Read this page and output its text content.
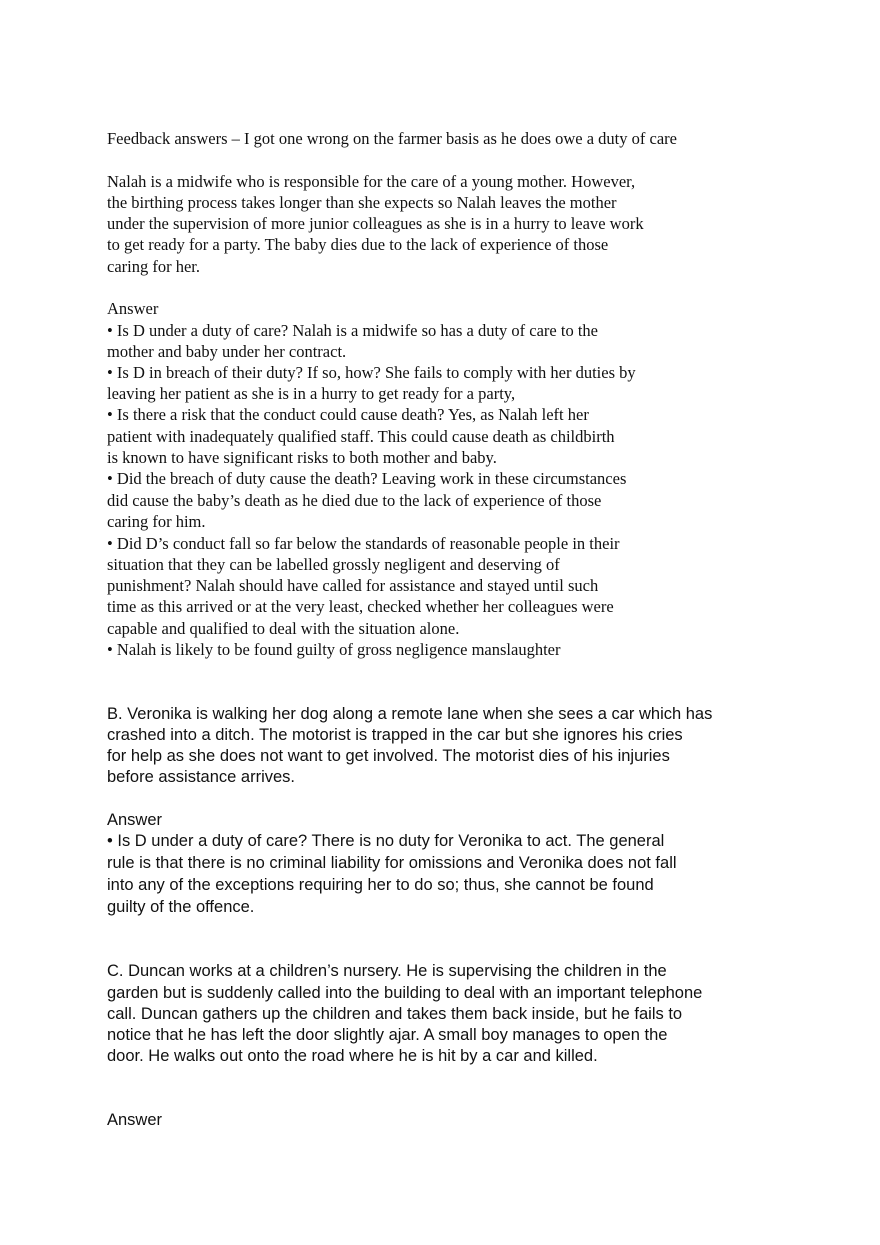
Feedback answers – I got one wrong on the farmer basis as he does owe a duty of care
Nalah is a midwife who is responsible for the care of a young mother. However,
the birthing process takes longer than she expects so Nalah leaves the mother
under the supervision of more junior colleagues as she is in a hurry to leave work
to get ready for a party. The baby dies due to the lack of experience of those
caring for her.
Answer
• Is D under a duty of care? Nalah is a midwife so has a duty of care to the
mother and baby under her contract.
• Is D in breach of their duty? If so, how? She fails to comply with her duties by
leaving her patient as she is in a hurry to get ready for a party,
• Is there a risk that the conduct could cause death? Yes, as Nalah left her
patient with inadequately qualified staff. This could cause death as childbirth
is known to have significant risks to both mother and baby.
• Did the breach of duty cause the death? Leaving work in these circumstances
did cause the baby’s death as he died due to the lack of experience of those
caring for him.
• Did D’s conduct fall so far below the standards of reasonable people in their
situation that they can be labelled grossly negligent and deserving of
punishment? Nalah should have called for assistance and stayed until such
time as this arrived or at the very least, checked whether her colleagues were
capable and qualified to deal with the situation alone.
• Nalah is likely to be found guilty of gross negligence manslaughter
B. Veronika is walking her dog along a remote lane when she sees a car which has
crashed into a ditch. The motorist is trapped in the car but she ignores his cries
for help as she does not want to get involved. The motorist dies of his injuries
before assistance arrives.
Answer
• Is D under a duty of care? There is no duty for Veronika to act. The general
rule is that there is no criminal liability for omissions and Veronika does not fall
into any of the exceptions requiring her to do so; thus, she cannot be found
guilty of the offence.
C. Duncan works at a children’s nursery. He is supervising the children in the
garden but is suddenly called into the building to deal with an important telephone
call. Duncan gathers up the children and takes them back inside, but he fails to
notice that he has left the door slightly ajar. A small boy manages to open the
door. He walks out onto the road where he is hit by a car and killed.
Answer
